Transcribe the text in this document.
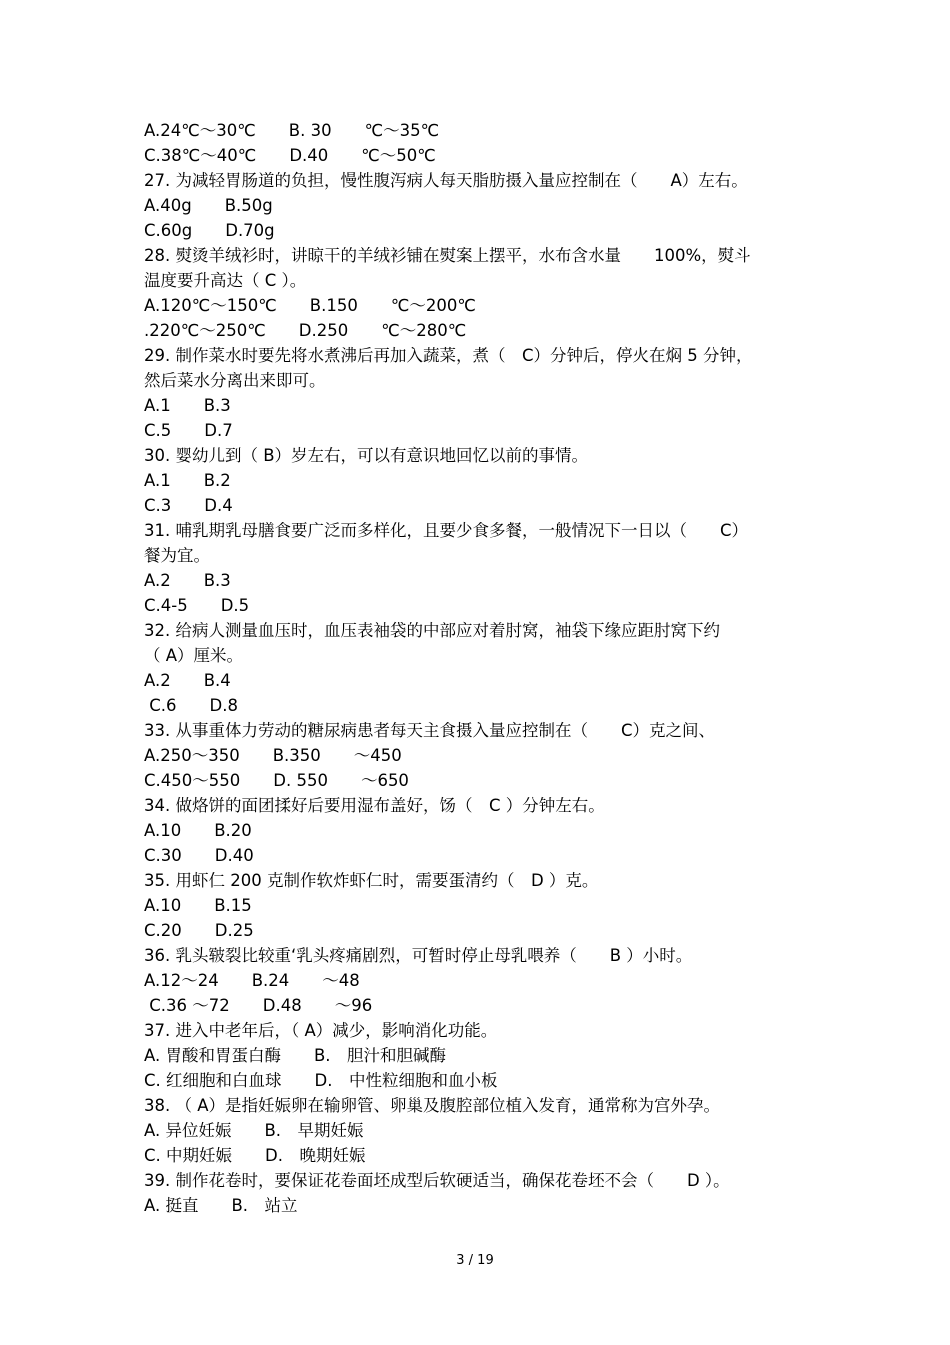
A.24℃～30℃　　B. 30　　℃～35℃
C.38℃～40℃　　D.40　　℃～50℃
27. 为减轻胃肠道的负担，慢性腹泻病人每天脂肪摄入量应控制在（　　A）左右。
A.40g　　B.50g
C.60g　　D.70g
28. 熨烫羊绒衫时，讲晾干的羊绒衫铺在熨案上摆平，水布含水量　　100%，熨斗
温度要升高达（ C ）。
A.120℃～150℃　　B.150　　℃～200℃
.220℃～250℃　　D.250　　℃～280℃
29. 制作菜水时要先将水煮沸后再加入蔬菜，煮（　C）分钟后，停火在焖 5 分钟，
然后菜水分离出来即可。
A.1　　B.3
C.5　　D.7
30. 婴幼儿到（ B）岁左右，可以有意识地回忆以前的事情。
A.1　　B.2
C.3　　D.4
31. 哺乳期乳母膳食要广泛而多样化，且要少食多餐，一般情况下一日以（　　C）
餐为宜。
A.2　　B.3
C.4-5　　D.5
32. 给病人测量血压时，血压表袖袋的中部应对着肘窝，袖袋下缘应距肘窝下约
（ A）厘米。
A.2　　B.4
C.6　　D.8
33. 从事重体力劳动的糖尿病患者每天主食摄入量应控制在（　　C）克之间、
A.250～350　　B.350　　～450
C.450～550　　D. 550　　～650
34. 做烙饼的面团揉好后要用湿布盖好，饧（　C ）分钟左右。
A.10　　B.20
C.30　　D.40
35. 用虾仁 200 克制作软炸虾仁时，需要蛋清约（　D ）克。
A.10　　B.15
C.20　　D.25
36. 乳头皲裂比较重‘乳头疼痛剧烈，可暂时停止母乳喂养（　　B ）小时。
A.12～24　　B.24　　～48
C.36 ～72　　D.48　　～96
37. 进入中老年后，（ A）减少，影响消化功能。
A. 胃酸和胃蛋白酶　　B.　胆汁和胆碱酶
C. 红细胞和白血球　　D.　中性粒细胞和血小板
38. （ A）是指妊娠卵在输卵管、卵巢及腹腔部位植入发育，通常称为宫外孕。
A. 异位妊娠　　B.　早期妊娠
C. 中期妊娠　　D.　晚期妊娠
39. 制作花卷时，要保证花卷面坯成型后软硬适当，确保花卷坯不会（　　D ）。
A. 挺直　　B.　站立
3 / 19
